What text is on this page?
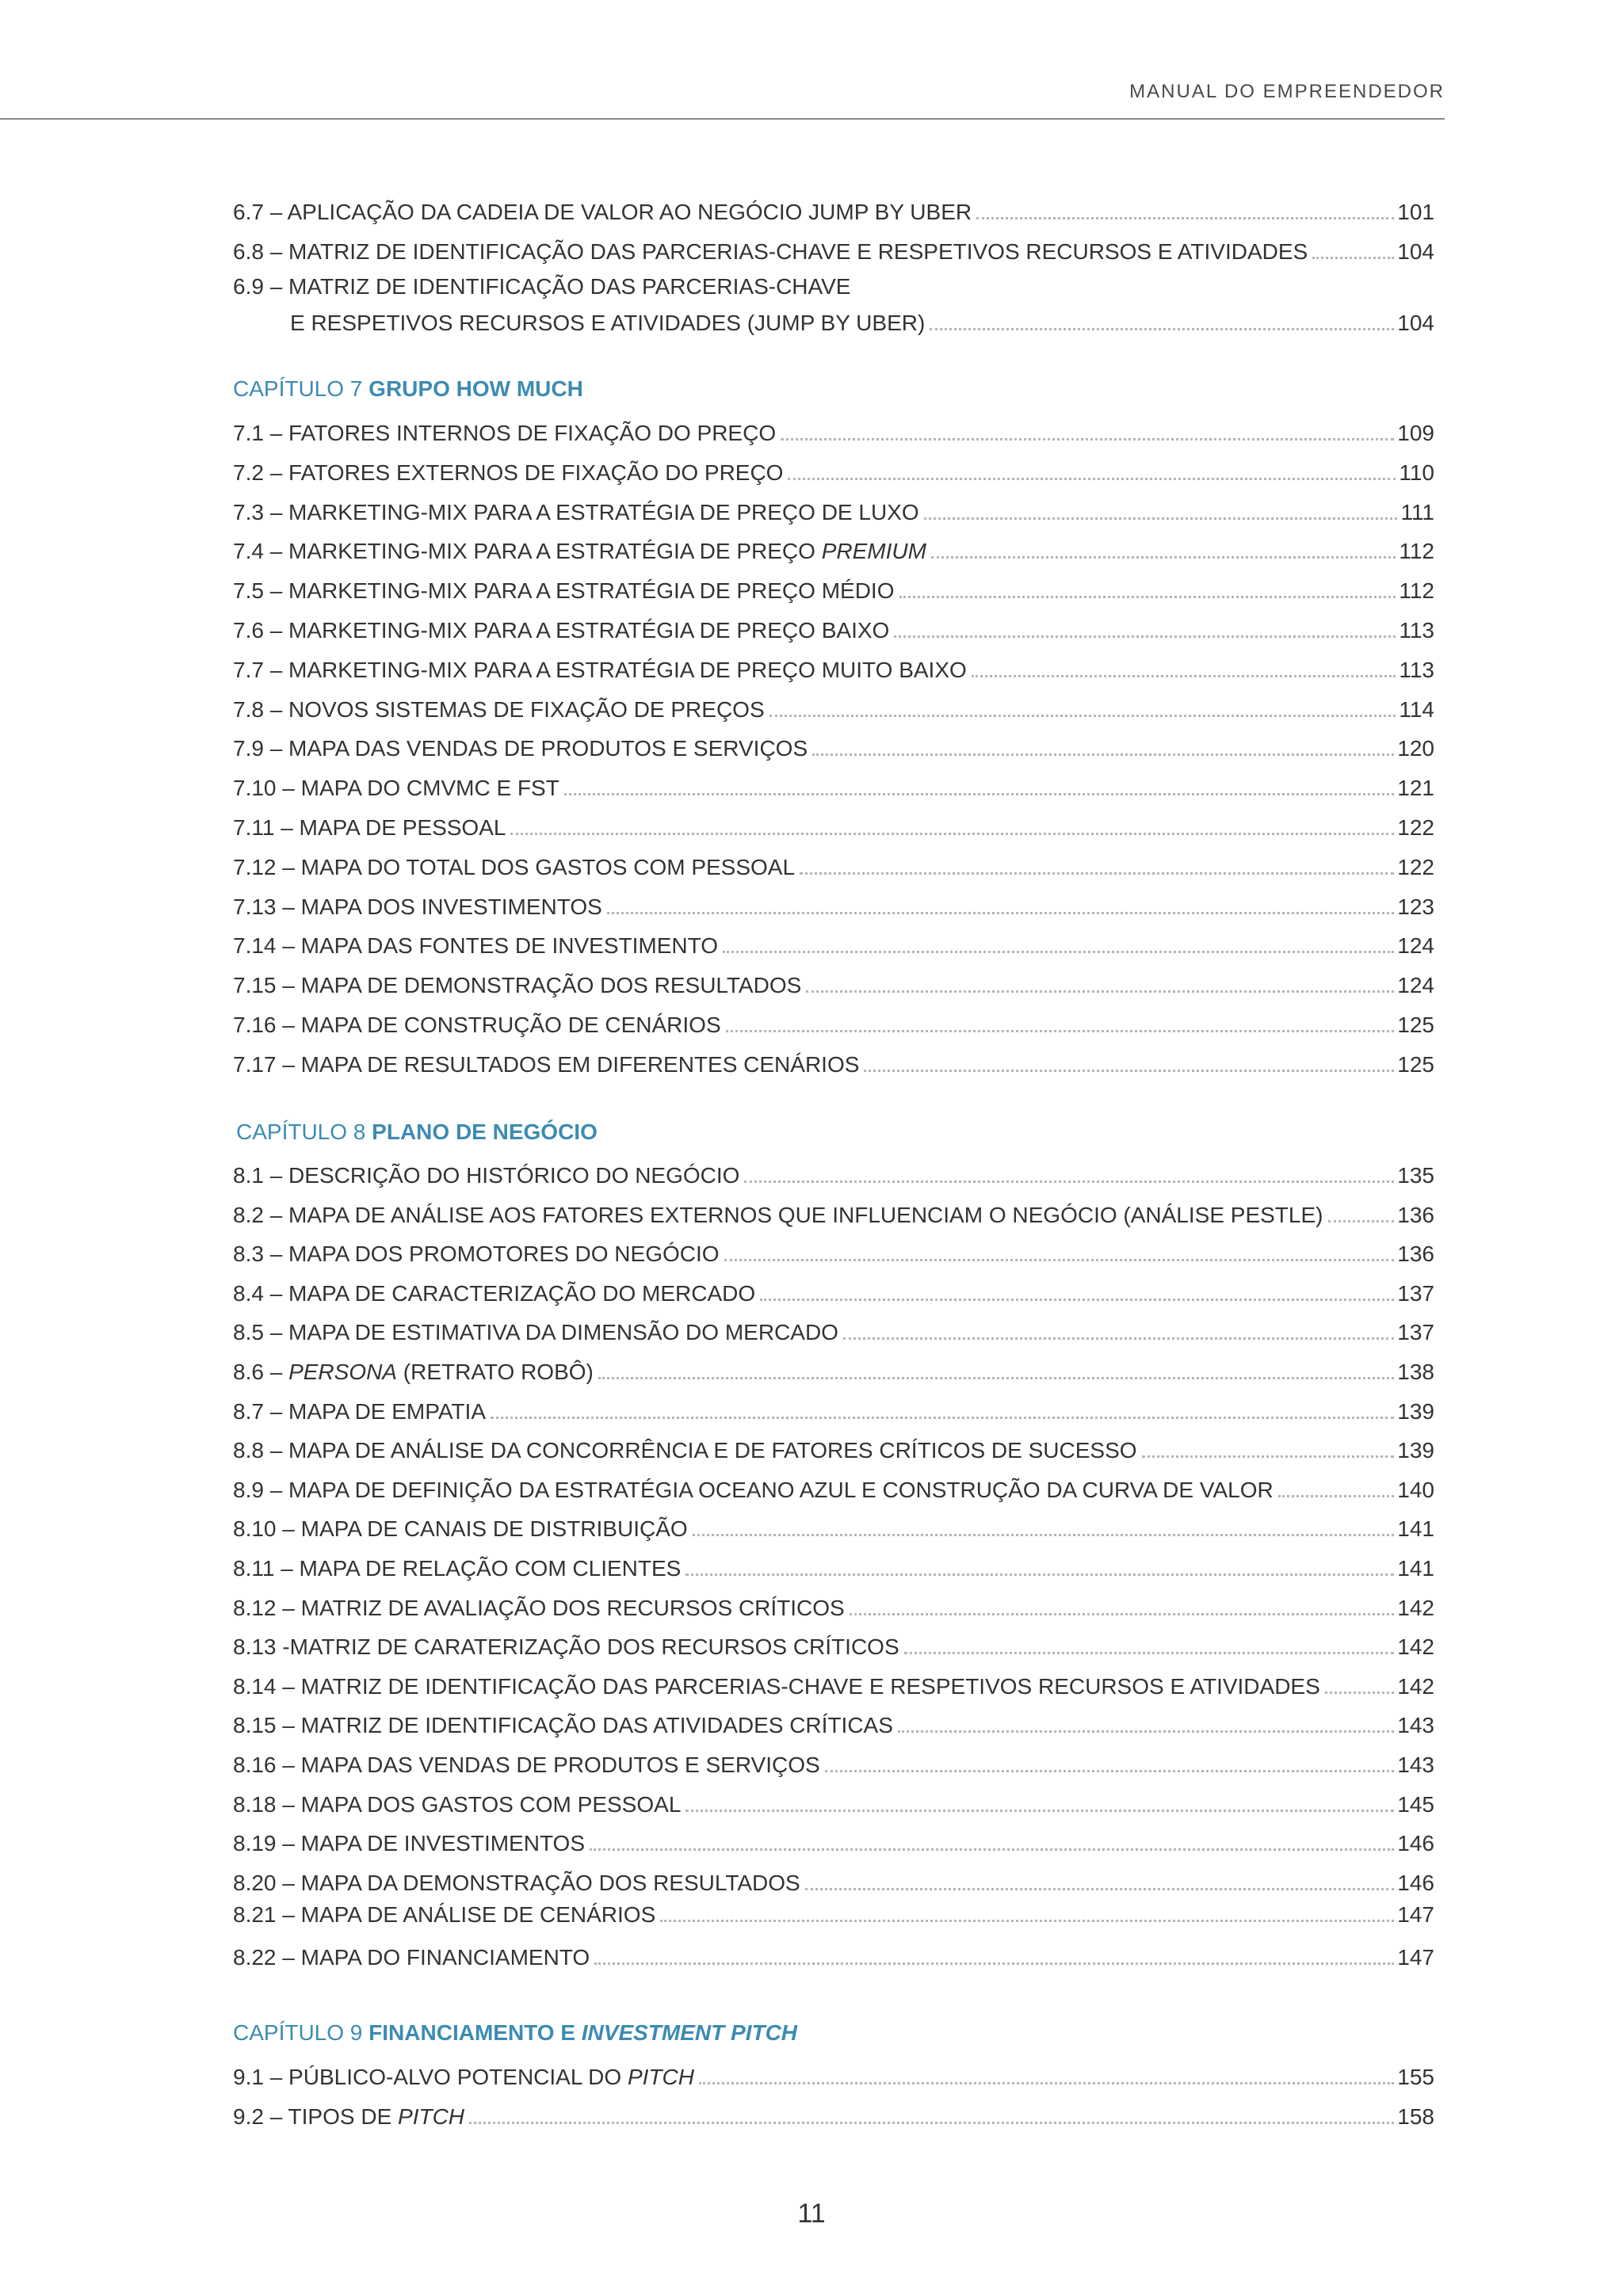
MANUAL DO EMPREENDEDOR
6.7 – APLICAÇÃO DA CADEIA DE VALOR AO NEGÓCIO JUMP BY UBER	101
6.8 – MATRIZ DE IDENTIFICAÇÃO DAS PARCERIAS-CHAVE E RESPETIVOS RECURSOS E ATIVIDADES	104
6.9 – MATRIZ DE IDENTIFICAÇÃO DAS PARCERIAS-CHAVE
E RESPETIVOS RECURSOS E ATIVIDADES (JUMP BY UBER)	104
CAPÍTULO 7 GRUPO HOW MUCH
7.1 – FATORES INTERNOS DE FIXAÇÃO DO PREÇO	109
7.2 – FATORES EXTERNOS DE FIXAÇÃO DO PREÇO	110
7.3 – MARKETING-MIX PARA A ESTRATÉGIA DE PREÇO DE LUXO	111
7.4 – MARKETING-MIX PARA A ESTRATÉGIA DE PREÇO PREMIUM	112
7.5 – MARKETING-MIX PARA A ESTRATÉGIA DE PREÇO MÉDIO	112
7.6 – MARKETING-MIX PARA A ESTRATÉGIA DE PREÇO BAIXO	113
7.7 – MARKETING-MIX PARA A ESTRATÉGIA DE PREÇO MUITO BAIXO	113
7.8 – NOVOS SISTEMAS DE FIXAÇÃO DE PREÇOS	114
7.9 – MAPA DAS VENDAS DE PRODUTOS E SERVIÇOS	120
7.10 – MAPA DO CMVMC E FST	121
7.11 – MAPA DE PESSOAL	122
7.12 – MAPA DO TOTAL DOS GASTOS COM PESSOAL	122
7.13 – MAPA DOS INVESTIMENTOS	123
7.14 – MAPA DAS FONTES DE INVESTIMENTO	124
7.15 – MAPA DE DEMONSTRAÇÃO DOS RESULTADOS	124
7.16 – MAPA DE CONSTRUÇÃO DE CENÁRIOS	125
7.17 – MAPA DE RESULTADOS EM DIFERENTES CENÁRIOS	125
CAPÍTULO 8 PLANO DE NEGÓCIO
8.1 – DESCRIÇÃO DO HISTÓRICO DO NEGÓCIO	135
8.2 – MAPA DE ANÁLISE AOS FATORES EXTERNOS QUE INFLUENCIAM O NEGÓCIO (ANÁLISE PESTLE)	136
8.3 – MAPA DOS PROMOTORES DO NEGÓCIO	136
8.4 – MAPA DE CARACTERIZAÇÃO DO MERCADO	137
8.5 – MAPA DE ESTIMATIVA DA DIMENSÃO DO MERCADO	137
8.6 – PERSONA (RETRATO ROBÔ)	138
8.7 – MAPA DE EMPATIA	139
8.8 – MAPA DE ANÁLISE DA CONCORRÊNCIA E DE FATORES CRÍTICOS DE SUCESSO	139
8.9 – MAPA DE DEFINIÇÃO DA ESTRATÉGIA OCEANO AZUL E CONSTRUÇÃO DA CURVA DE VALOR	140
8.10 – MAPA DE CANAIS DE DISTRIBUIÇÃO	141
8.11 – MAPA DE RELAÇÃO COM CLIENTES	141
8.12 – MATRIZ DE AVALIAÇÃO DOS RECURSOS CRÍTICOS	142
8.13 -MATRIZ DE CARATERIZAÇÃO DOS RECURSOS CRÍTICOS	142
8.14 – MATRIZ DE IDENTIFICAÇÃO DAS PARCERIAS-CHAVE E RESPETIVOS RECURSOS E ATIVIDADES	142
8.15 – MATRIZ DE IDENTIFICAÇÃO DAS ATIVIDADES CRÍTICAS	143
8.16 – MAPA DAS VENDAS DE PRODUTOS E SERVIÇOS	143
8.18 – MAPA DOS GASTOS COM PESSOAL	145
8.19 – MAPA DE INVESTIMENTOS	146
8.20 – MAPA DA DEMONSTRAÇÃO DOS RESULTADOS	146
8.21 – MAPA DE ANÁLISE DE CENÁRIOS	147
8.22 – MAPA DO FINANCIAMENTO	147
CAPÍTULO 9 FINANCIAMENTO E INVESTMENT PITCH
9.1 – PÚBLICO-ALVO POTENCIAL DO PITCH	155
9.2 – TIPOS DE PITCH	158
11
